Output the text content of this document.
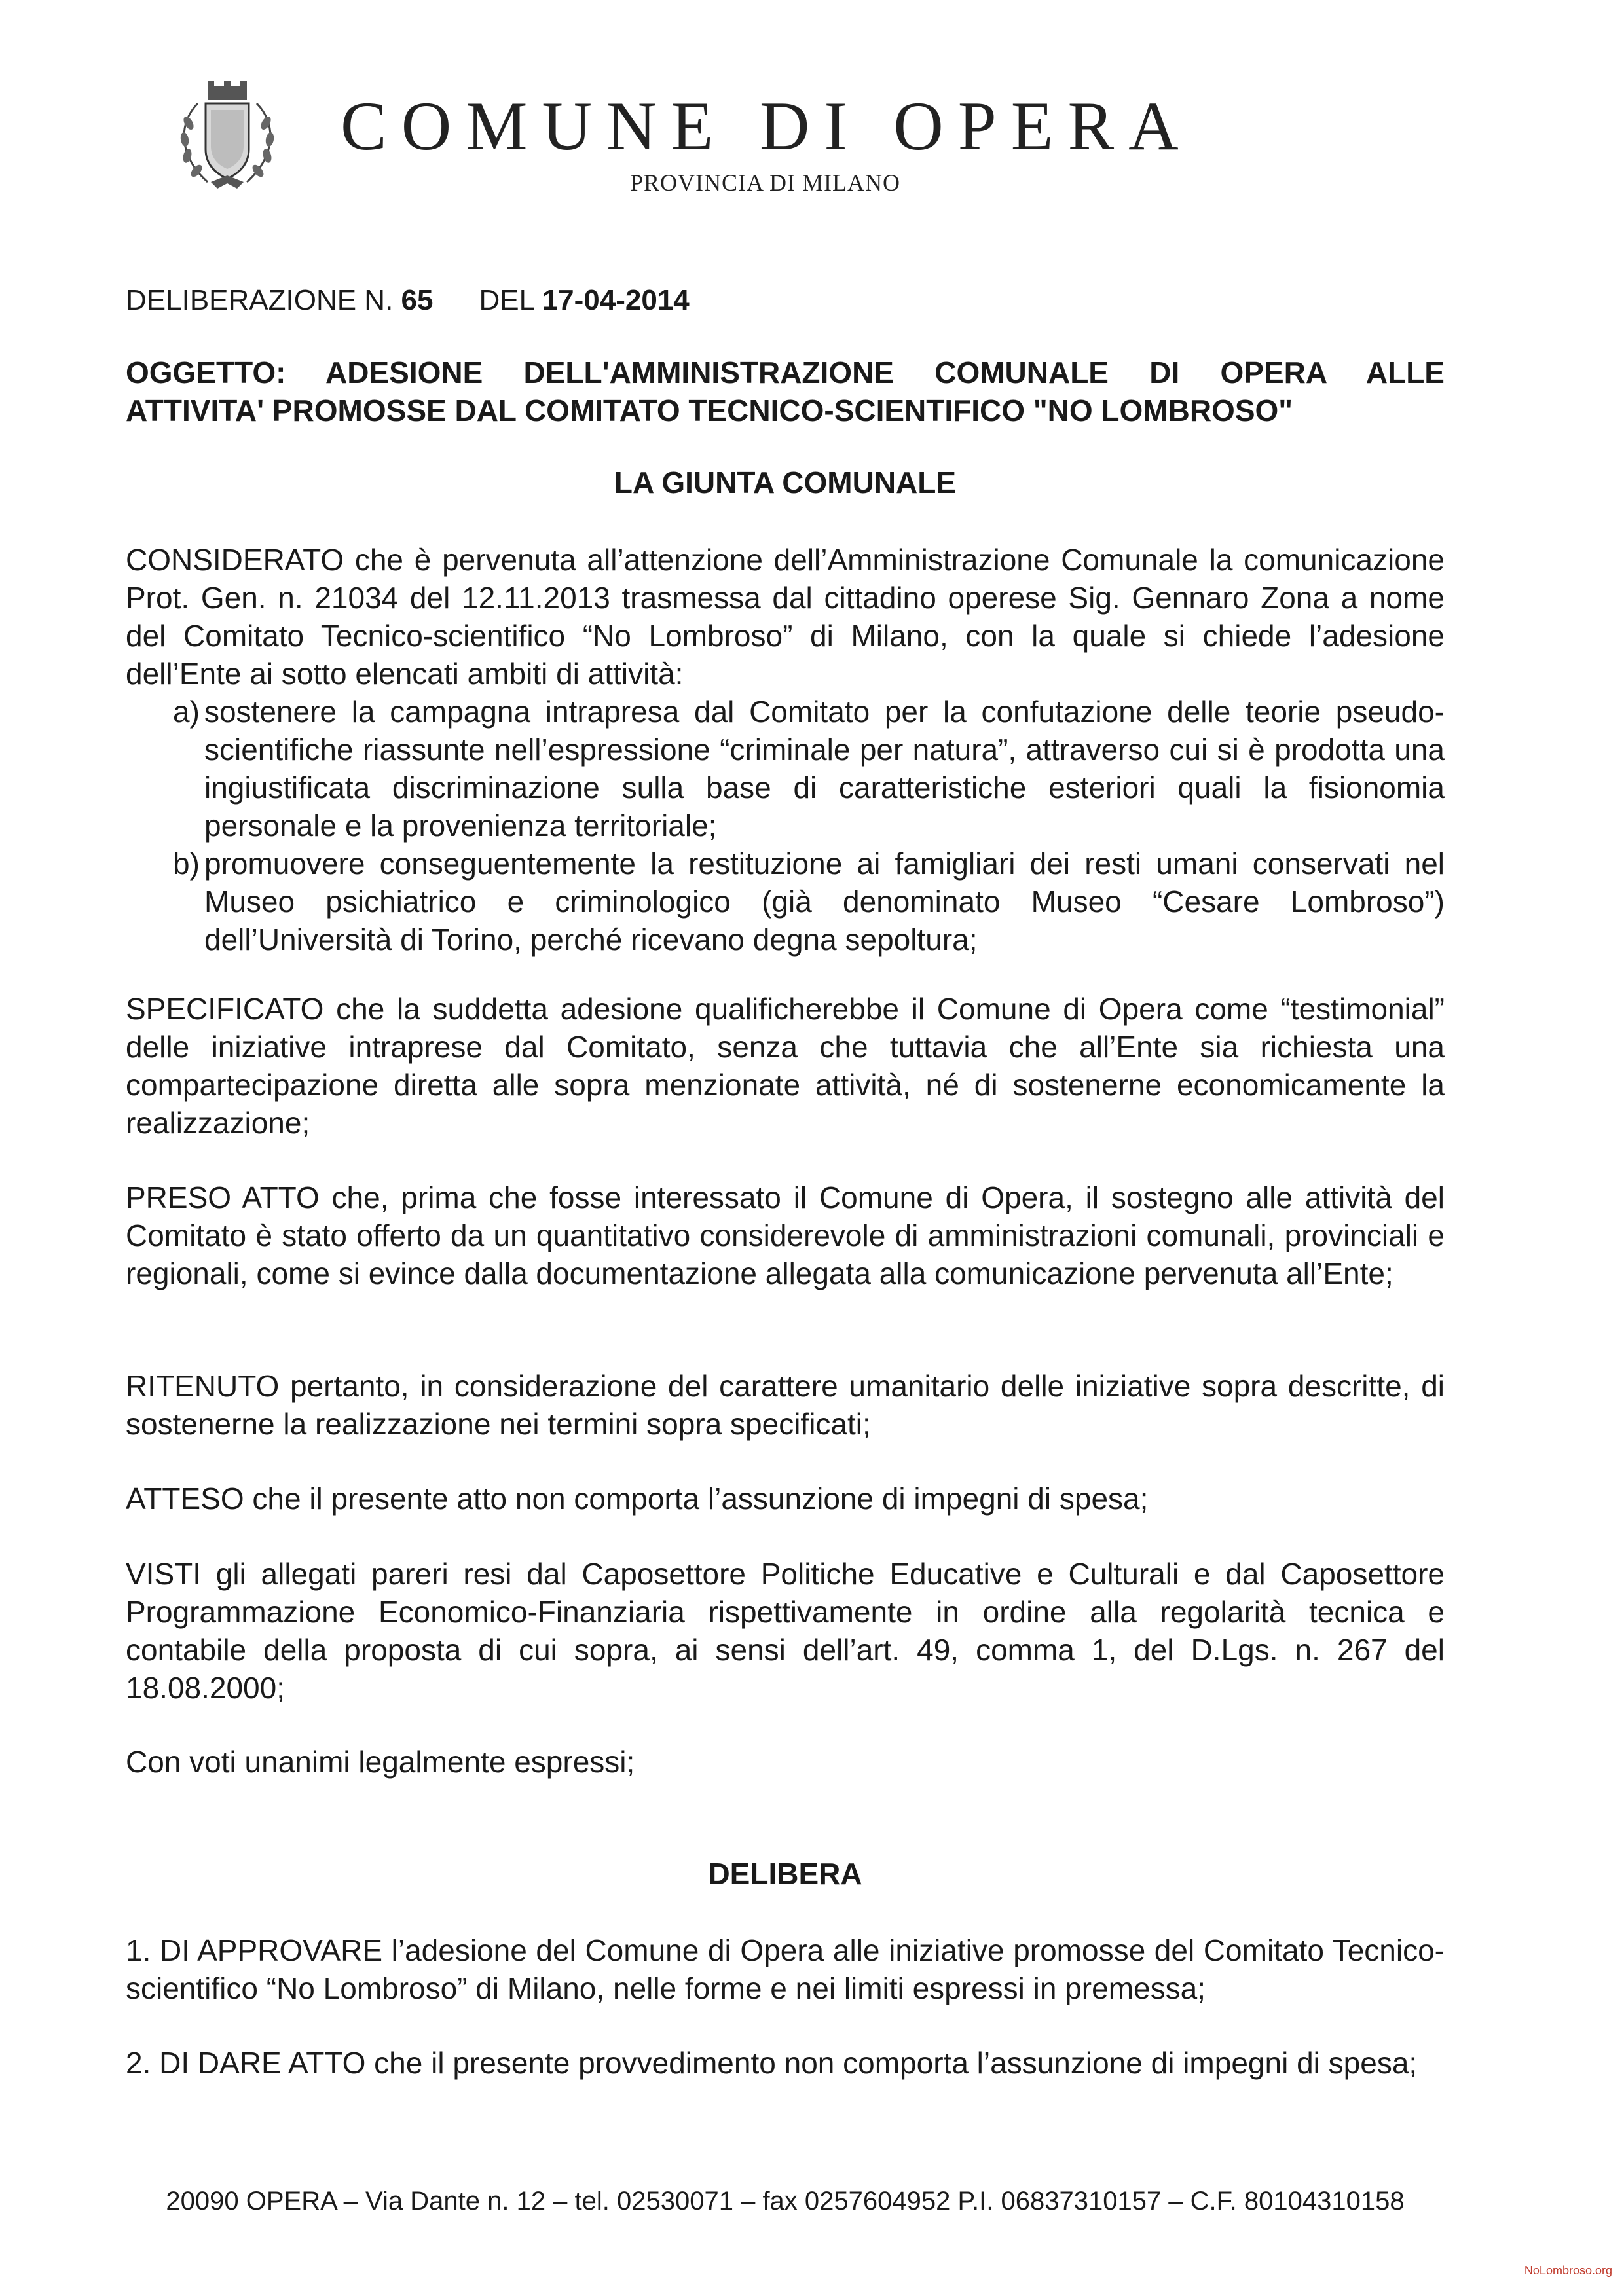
COMUNE DI OPERA
PROVINCIA DI MILANO
DELIBERAZIONE N. 65 DEL 17-04-2014
OGGETTO: ADESIONE DELL'AMMINISTRAZIONE COMUNALE DI OPERA ALLE
ATTIVITA' PROMOSSE DAL COMITATO TECNICO-SCIENTIFICO "NO LOMBROSO"
LA GIUNTA COMUNALE
CONSIDERATO che è pervenuta all’attenzione dell’Amministrazione Comunale la comunicazione Prot. Gen. n. 21034 del 12.11.2013 trasmessa dal cittadino operese Sig. Gennaro Zona a nome del Comitato Tecnico-scientifico “No Lombroso” di Milano, con la quale si chiede l’adesione dell’Ente ai sotto elencati ambiti di attività:
a) sostenere la campagna intrapresa dal Comitato per la confutazione delle teorie pseudo-scientifiche riassunte nell’espressione “criminale per natura”, attraverso cui si è prodotta una ingiustificata discriminazione sulla base di caratteristiche esteriori quali la fisionomia personale e la provenienza territoriale;
b) promuovere conseguentemente la restituzione ai famigliari dei resti umani conservati nel Museo psichiatrico e criminologico (già denominato Museo “Cesare Lombroso”) dell’Università di Torino, perché ricevano degna sepoltura;
SPECIFICATO che la suddetta adesione qualificherebbe il Comune di Opera come “testimonial” delle iniziative intraprese dal Comitato, senza che tuttavia che all’Ente sia richiesta una compartecipazione diretta alle sopra menzionate attività, né di sostenerne economicamente la realizzazione;
PRESO ATTO che, prima che fosse interessato il Comune di Opera, il sostegno alle attività del Comitato è stato offerto da un quantitativo considerevole di amministrazioni comunali, provinciali e regionali, come si evince dalla documentazione allegata alla comunicazione pervenuta all’Ente;
RITENUTO pertanto, in considerazione del carattere umanitario delle iniziative sopra descritte, di sostenerne la realizzazione nei termini sopra specificati;
ATTESO che il presente atto non comporta l’assunzione di impegni di spesa;
VISTI gli allegati pareri resi dal Caposettore Politiche Educative e Culturali e dal Caposettore Programmazione Economico-Finanziaria rispettivamente in ordine alla regolarità tecnica e contabile della proposta di cui sopra, ai sensi dell’art. 49, comma 1, del D.Lgs. n. 267 del 18.08.2000;
Con voti unanimi legalmente espressi;
DELIBERA
1. DI APPROVARE l’adesione del Comune di Opera alle iniziative promosse del Comitato Tecnico-scientifico “No Lombroso” di Milano, nelle forme e nei limiti espressi in premessa;
2. DI DARE ATTO che il presente provvedimento non comporta l’assunzione di impegni di spesa;
20090 OPERA – Via Dante n. 12 – tel. 02530071 – fax 0257604952 P.I. 06837310157 – C.F. 80104310158
NoLombroso.org
